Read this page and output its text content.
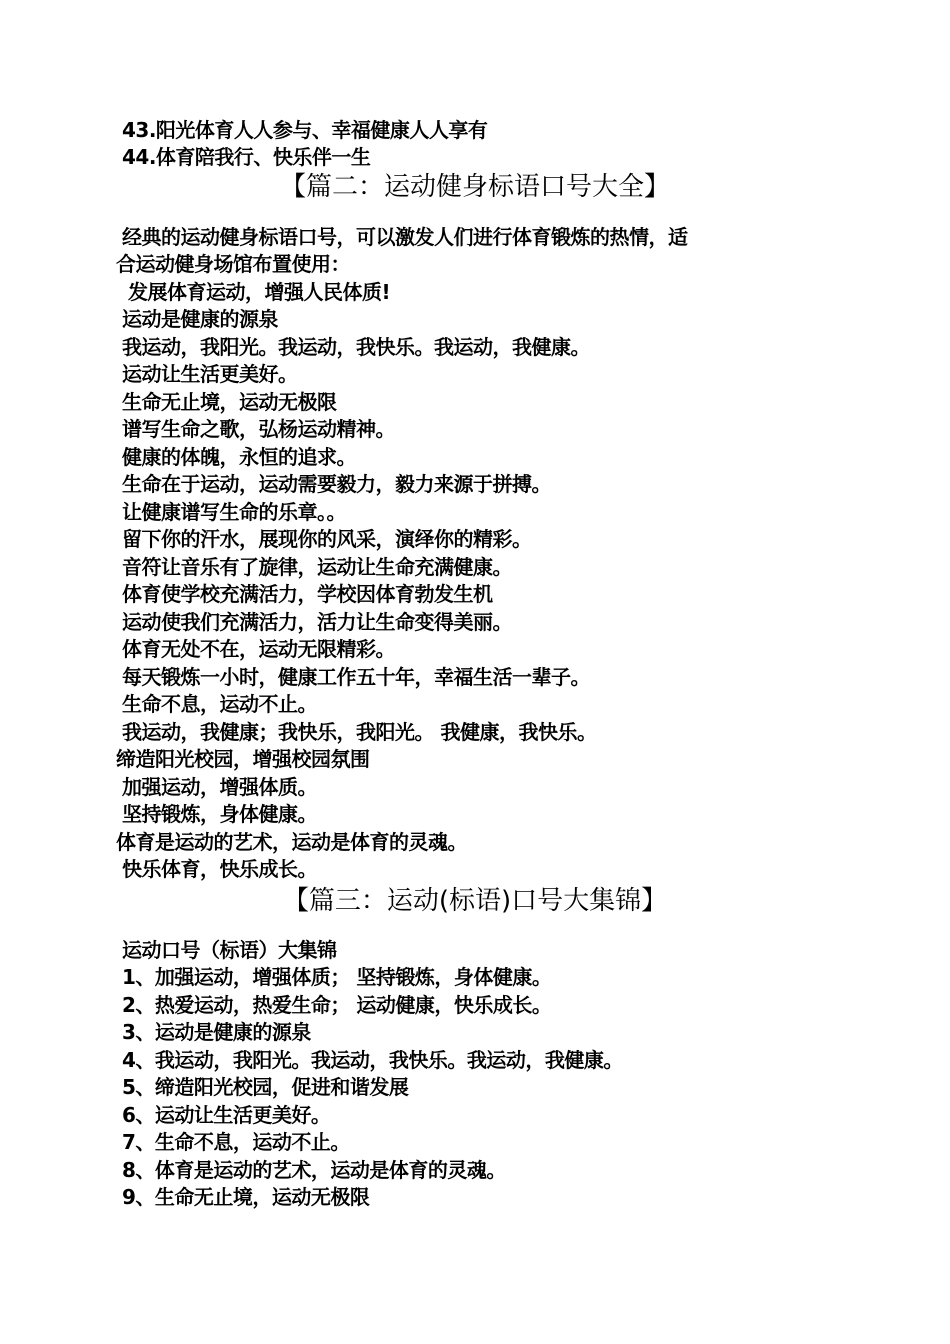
43.阳光体育人人参与、幸福健康人人享有
44.体育陪我行、快乐伴一生
【篇二：运动健身标语口号大全】
经典的运动健身标语口号，可以激发人们进行体育锻炼的热情，适
合运动健身场馆布置使用：
发展体育运动，增强人民体质!
运动是健康的源泉
我运动，我阳光。我运动，我快乐。我运动，我健康。
运动让生活更美好。
生命无止境，运动无极限
谱写生命之歌，弘杨运动精神。
健康的体魄，永恒的追求。
生命在于运动，运动需要毅力，毅力来源于拼搏。
让健康谱写生命的乐章。。
留下你的汗水，展现你的风采，演绎你的精彩。
音符让音乐有了旋律，运动让生命充满健康。
体育使学校充满活力，学校因体育勃发生机
运动使我们充满活力，活力让生命变得美丽。
体育无处不在，运动无限精彩。
每天锻炼一小时，健康工作五十年，幸福生活一辈子。
生命不息，运动不止。
我运动，我健康；我快乐，我阳光。 我健康，我快乐。
缔造阳光校园，增强校园氛围
加强运动，增强体质。
坚持锻炼，身体健康。
体育是运动的艺术，运动是体育的灵魂。
快乐体育，快乐成长。
【篇三：运动(标语)口号大集锦】
运动口号（标语）大集锦
1、加强运动，增强体质； 坚持锻炼，身体健康。
2、热爱运动，热爱生命； 运动健康，快乐成长。
3、运动是健康的源泉
4、我运动，我阳光。我运动，我快乐。我运动，我健康。
5、缔造阳光校园，促进和谐发展
6、运动让生活更美好。
7、生命不息，运动不止。
8、体育是运动的艺术，运动是体育的灵魂。
9、生命无止境，运动无极限
